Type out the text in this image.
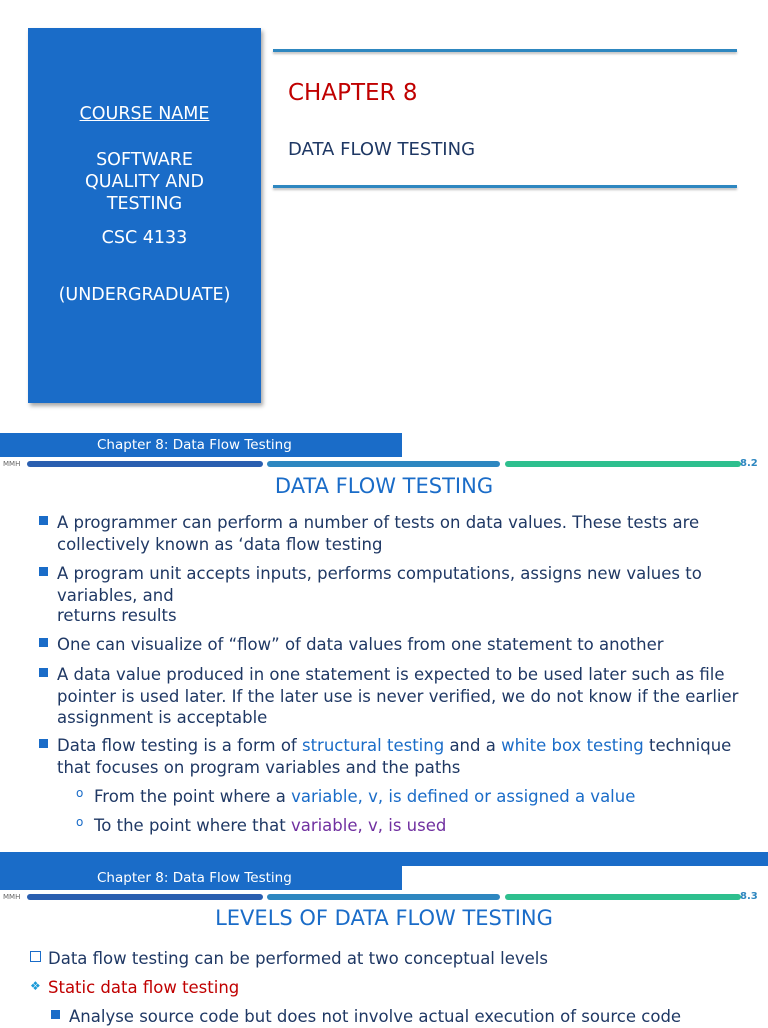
COURSE NAME
SOFTWARE QUALITY AND TESTING
CSC 4133
(UNDERGRADUATE)
CHAPTER 8
DATA FLOW TESTING
Chapter 8: Data Flow Testing
MMH	8.2
DATA FLOW TESTING
A programmer can perform a number of tests on data values. These tests are collectively known as ‘data flow testing
A program unit accepts inputs, performs computations, assigns new values to variables, and
returns results
One can visualize of “flow” of data values from one statement to another
A data value produced in one statement is expected to be used later such as file pointer is used later. If the later use is never verified, we do not know if the earlier assignment is acceptable
Data flow testing is a form of structural testing and a white box testing technique that focuses on program variables and the paths
o From the point where a variable, v, is defined or assigned a value
o To the point where that variable, v, is used
Chapter 8: Data Flow Testing
MMH	8.3
LEVELS OF DATA FLOW TESTING
Data flow testing can be performed at two conceptual levels
❖ Static data flow testing
Analyse source code but does not involve actual execution of source code
